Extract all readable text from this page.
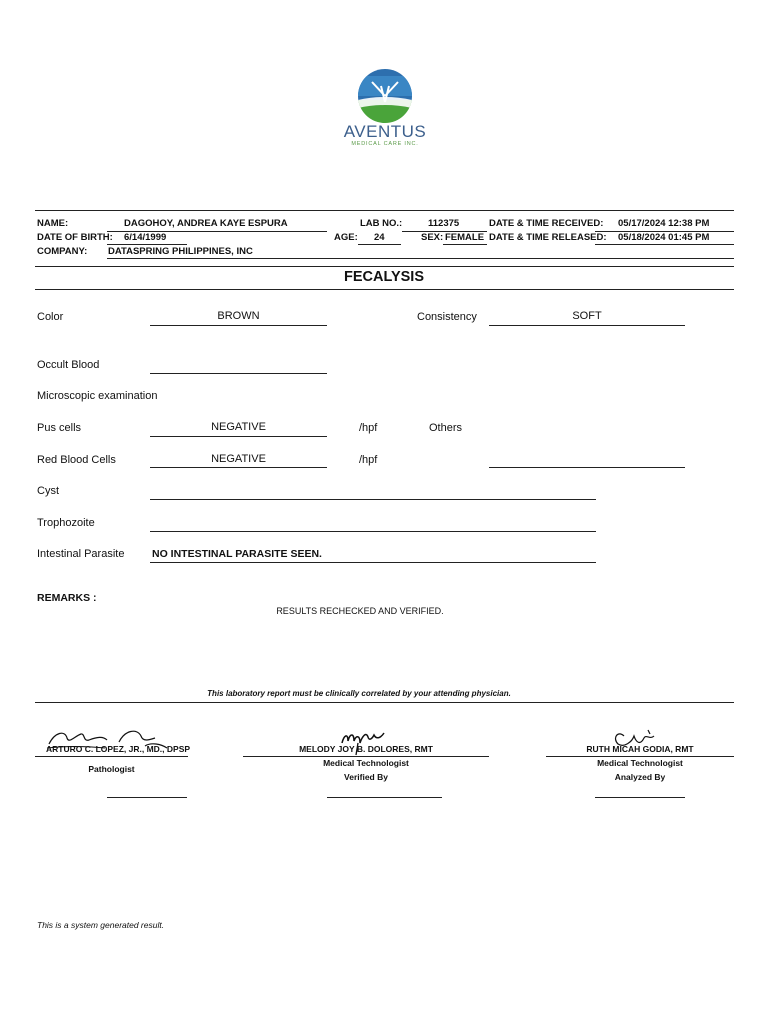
AVENTUS
MEDICAL CARE INC.
NAME:	DAGOHOY, ANDREA KAYE ESPURA	LAB NO.:	112375	DATE & TIME RECEIVED: 05/17/2024 12:38 PM
DATE OF BIRTH: 6/14/1999	AGE: 24	SEX: FEMALE DATE & TIME RELEASED: 05/18/2024 01:45 PM
COMPANY: DATASPRING PHILIPPINES, INC
FECALYSIS
Color	BROWN	Consistency	SOFT
Occult Blood
Microscopic examination
Pus cells	NEGATIVE	/hpf	Others
Red Blood Cells	NEGATIVE	/hpf
Cyst
Trophozoite
Intestinal Parasite	NO INTESTINAL PARASITE SEEN.
REMARKS :
RESULTS RECHECKED AND VERIFIED.
This laboratory report must be clinically correlated by your attending physician.
ARTURO C. LOPEZ, JR., MD., DPSP
Pathologist
MELODY JOY B. DOLORES, RMT
Medical Technologist
Verified By
RUTH MICAH GODIA, RMT
Medical Technologist
Analyzed By
This is a system generated result.
